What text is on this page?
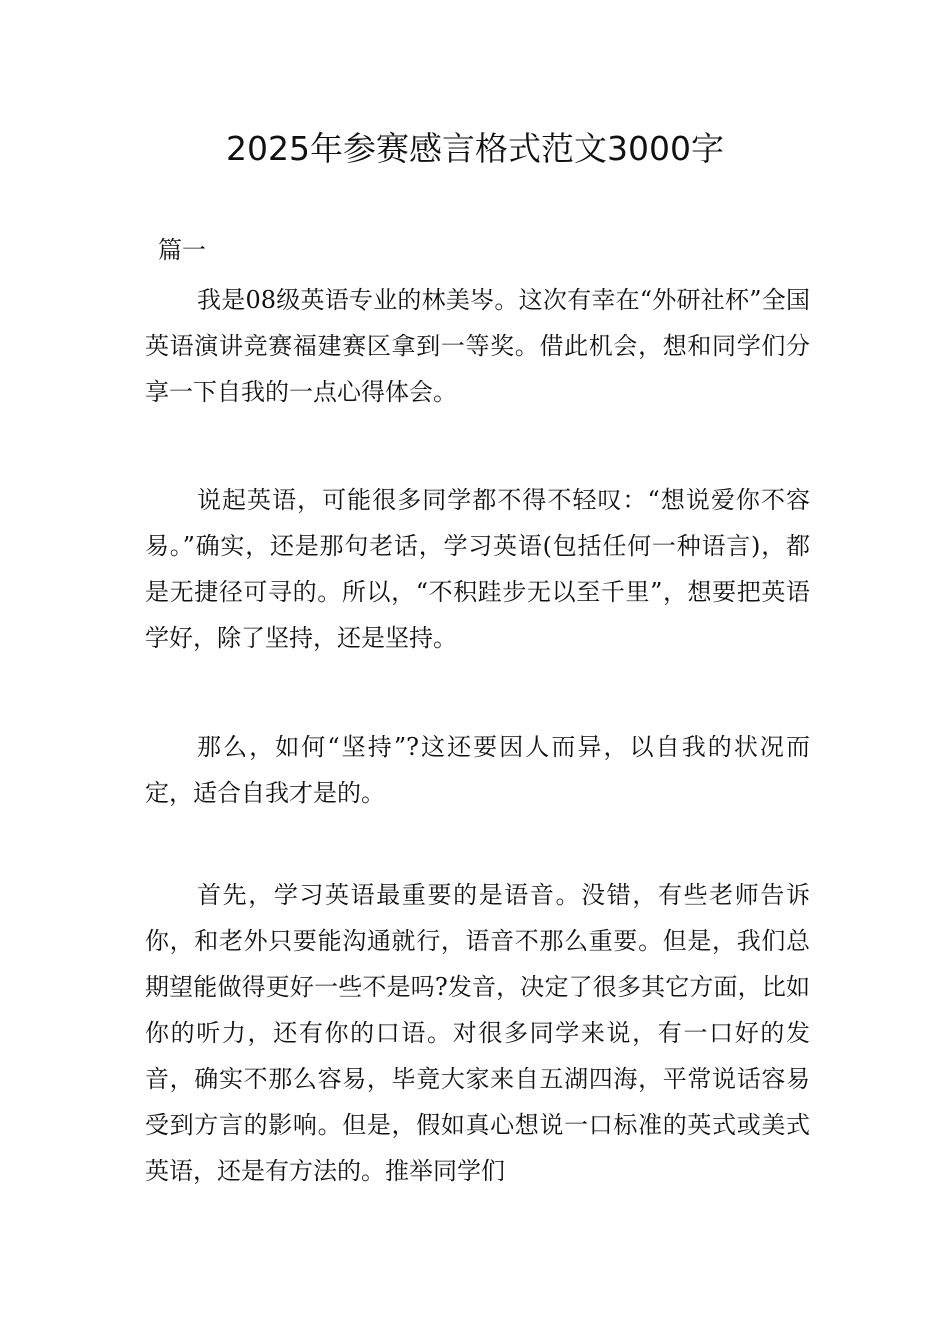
2025年参赛感言格式范文3000字
篇一

我是08级英语专业的林美岑。这次有幸在“外研社杯”全国英语演讲竞赛福建赛区拿到一等奖。借此机会，想和同学们分享一下自我的一点心得体会。

说起英语，可能很多同学都不得不轻叹：“想说爱你不容易。”确实，还是那句老话，学习英语(包括任何一种语言)，都是无捷径可寻的。所以，“不积跬步无以至千里”，想要把英语学好，除了坚持，还是坚持。

那么，如何“坚持”?这还要因人而异，以自我的状况而定，适合自我才是的。

首先，学习英语最重要的是语音。没错，有些老师告诉你，和老外只要能沟通就行，语音不那么重要。但是，我们总期望能做得更好一些不是吗?发音，决定了很多其它方面，比如你的听力，还有你的口语。对很多同学来说，有一口好的发音，确实不那么容易，毕竟大家来自五湖四海，平常说话容易受到方言的影响。但是，假如真心想说一口标准的英式或美式英语，还是有方法的。推举同学们
